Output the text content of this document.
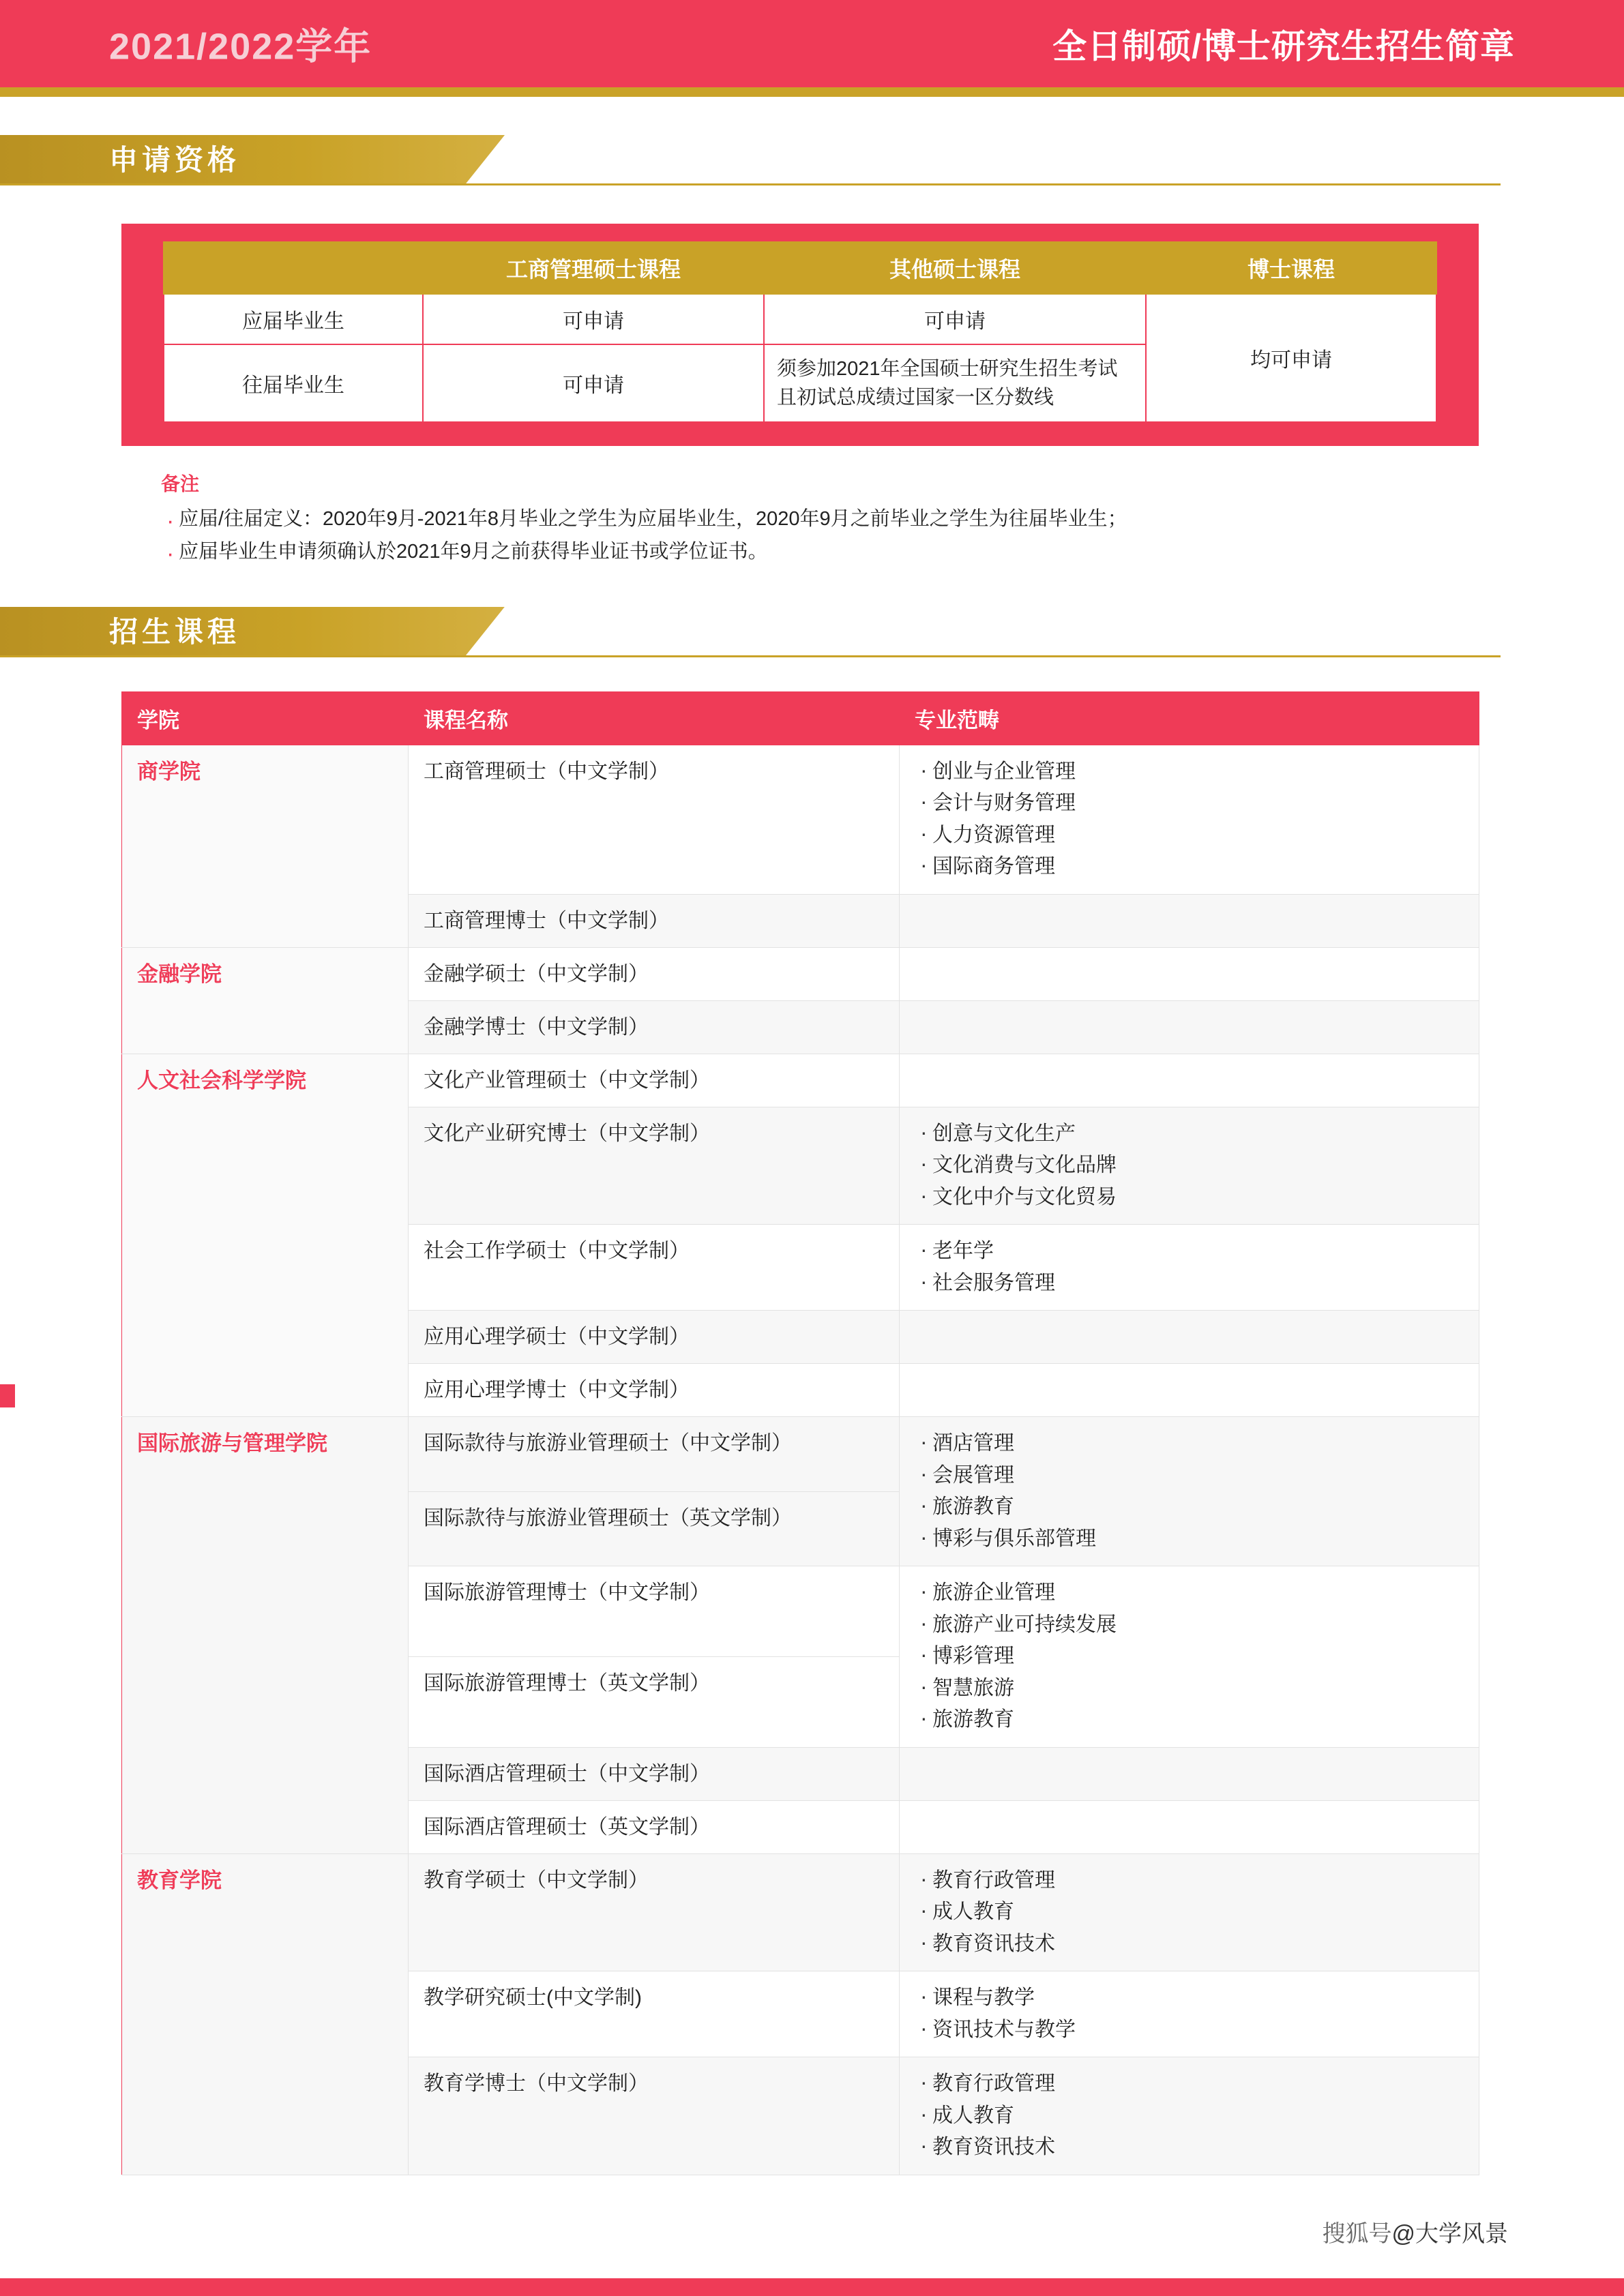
2021/2022学年	全日制硕/博士研究生招生简章
申请资格
	工商管理硕士课程	其他硕士课程	博士课程
应届毕业生	可申请	可申请	均可申请
往届毕业生	可申请	须参加2021年全国硕士研究生招生考试且初试总成绩过国家一区分数线	
备注
· 应届/往届定义：2020年9月-2021年8月毕业之学生为应届毕业生，2020年9月之前毕业之学生为往届毕业生；
· 应届毕业生申请须确认於2021年9月之前获得毕业证书或学位证书。
招生课程
学院	课程名称	专业范畴
商学院	工商管理硕士（中文学制）	· 创业与企业管理
· 会计与财务管理
· 人力资源管理
· 国际商务管理

	工商管理博士（中文学制）	
金融学院	金融学硕士（中文学制）	
	金融学博士（中文学制）	
人文社会科学学院	文化产业管理硕士（中文学制）	
	文化产业研究博士（中文学制）	· 创意与文化生产
· 文化消费与文化品牌
· 文化中介与文化贸易

	社会工作学硕士（中文学制）	· 老年学
· 社会服务管理

	应用心理学硕士（中文学制）	
	应用心理学博士（中文学制）	
国际旅游与管理学院	国际款待与旅游业管理硕士（中文学制）	· 酒店管理
· 会展管理
· 旅游教育
· 博彩与俱乐部管理

	国际款待与旅游业管理硕士（英文学制）	
	国际旅游管理博士（中文学制）	· 旅游企业管理
· 旅游产业可持续发展
· 博彩管理
· 智慧旅游
· 旅游教育

	国际旅游管理博士（英文学制）	
	国际酒店管理硕士（中文学制）	
	国际酒店管理硕士（英文学制）	
教育学院	教育学硕士（中文学制）	· 教育行政管理
· 成人教育
· 教育资讯技术

	教学研究硕士(中文学制)	· 课程与教学
· 资讯技术与教学

	教育学博士（中文学制）	· 教育行政管理
· 成人教育
· 教育资讯技术
搜狐号@大学风景
